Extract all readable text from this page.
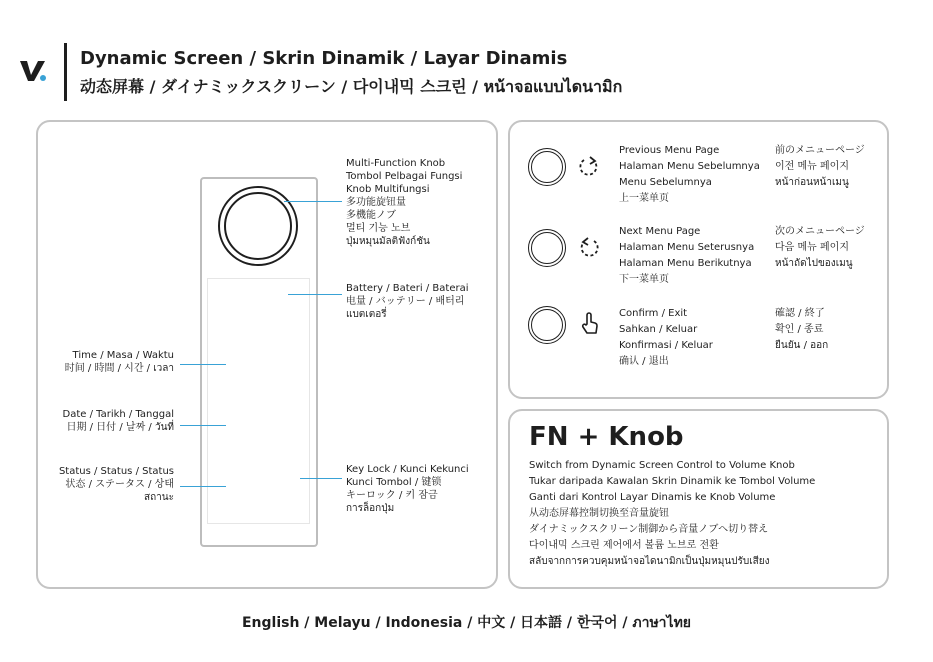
Dynamic Screen / Skrin Dinamik / Layar Dinamis
动态屏幕 / ダイナミックスクリーン / 다이내믹 스크린 / หน้าจอแบบไดนามิก
Multi-Function Knob
Tombol Pelbagai Fungsi
Knob Multifungsi
多功能旋钮量
多機能ノブ
멀티 기능 노브
ปุ่มหมุนมัลติฟังก์ชัน
Battery / Bateri / Baterai
电量 / バッテリー / 배터리
แบตเตอรี่
Time / Masa / Waktu
时间 / 時間 / 시간 / เวลา
Date / Tarikh / Tanggal
日期 / 日付 / 날짜 / วันที่
Status / Status / Status
状态 / ステータス / 상태
สถานะ
Key Lock / Kunci Kekunci
Kunci Tombol / 键锁
キーロック / 키 잠금
การล็อกปุ่ม
Previous Menu Page
Halaman Menu Sebelumnya
Menu Sebelumnya
上一菜单页
前のメニューページ
이전 메뉴 페이지
หน้าก่อนหน้าเมนู
Next Menu Page
Halaman Menu Seterusnya
Halaman Menu Berikutnya
下一菜单页
次のメニューページ
다음 메뉴 페이지
หน้าถัดไปของเมนู
Confirm / Exit
Sahkan / Keluar
Konfirmasi / Keluar
确认 / 退出
確認 / 終了
확인 / 종료
ยืนยัน / ออก
FN + Knob
Switch from Dynamic Screen Control to Volume Knob
Tukar daripada Kawalan Skrin Dinamik ke Tombol Volume
Ganti dari Kontrol Layar Dinamis ke Knob Volume
从动态屏幕控制切换至音量旋钮
ダイナミックスクリーン制御から音量ノブへ切り替え
다이내믹 스크린 제어에서 볼륨 노브로 전환
สลับจากการควบคุมหน้าจอไดนามิกเป็นปุ่มหมุนปรับเสียง
English / Melayu / Indonesia / 中文 / 日本語 / 한국어 / ภาษาไทย
